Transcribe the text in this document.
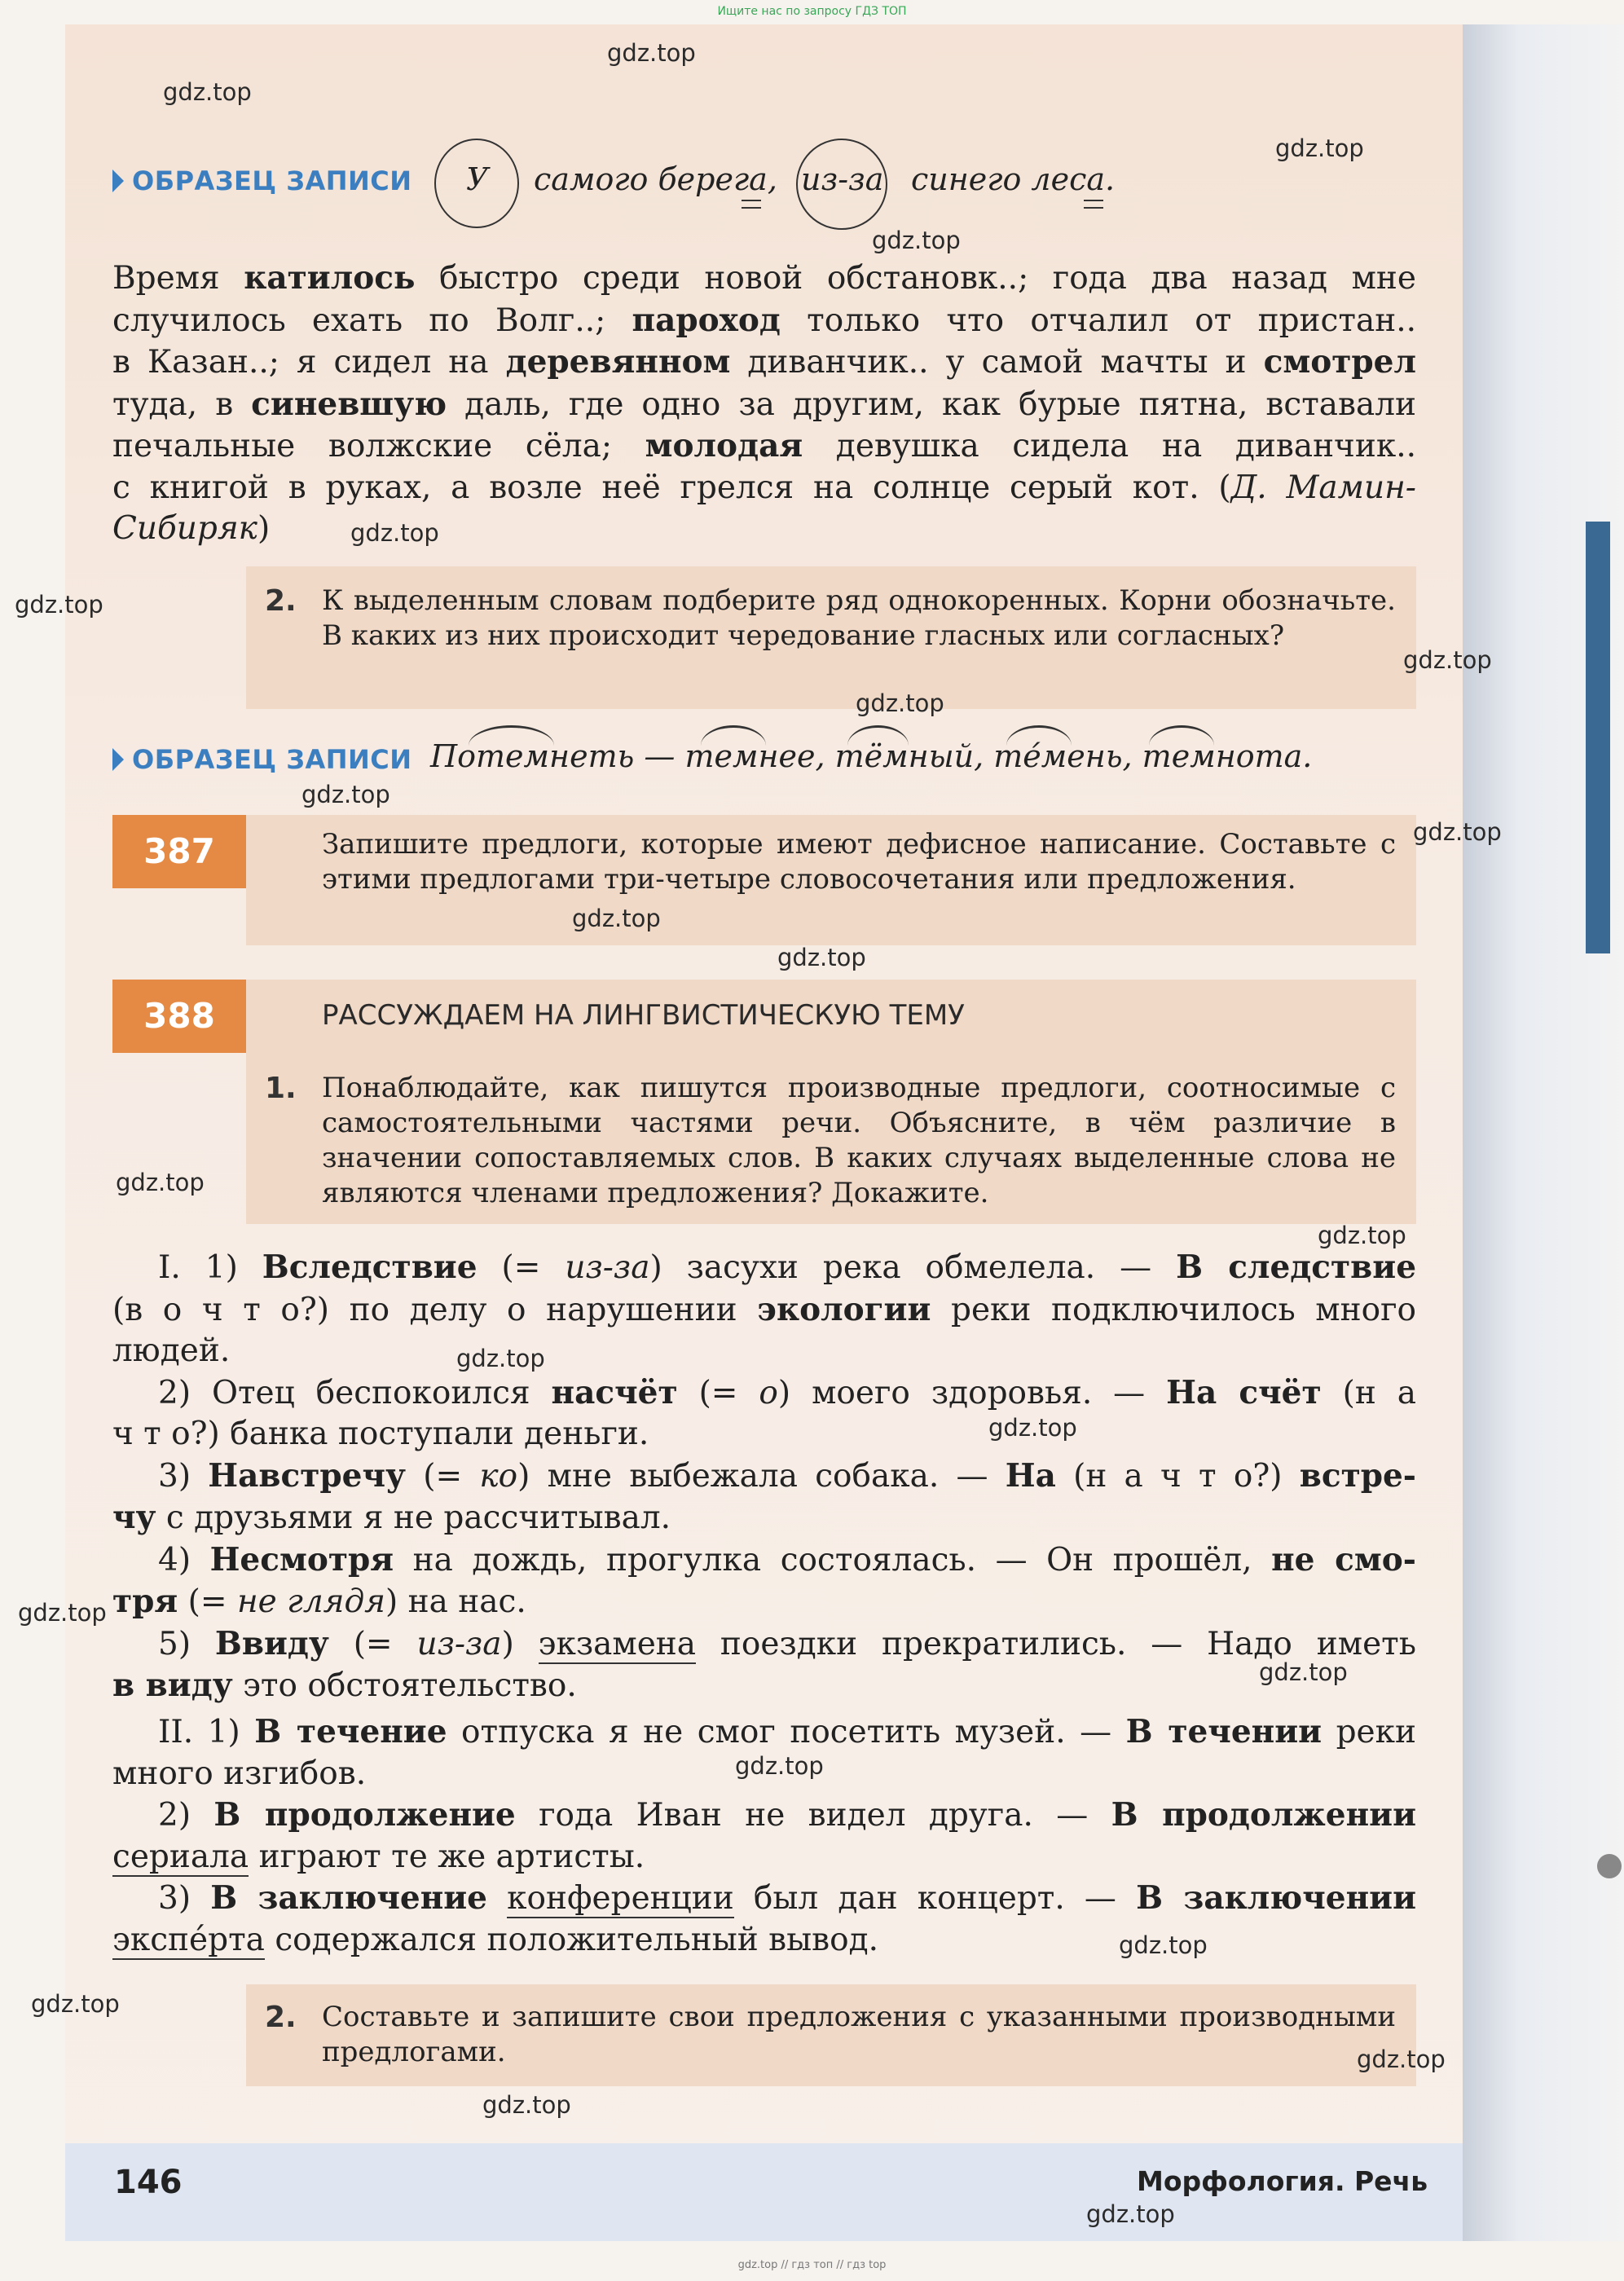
Ищите нас по запросу ГДЗ ТОП
gdz.top // гдз топ // гдз top
ОБРАЗЕЦ ЗАПИСИ У самого берега, из-за синего леса.
Время катилось быстро среди новой обстановк..; года два назад мне
случилось ехать по Волг..; пароход только что отчалил от пристан..
в Казан..; я сидел на деревянном диванчик.. у самой мачты и смотрел
туда, в синевшую даль, где одно за другим, как бурые пятна, вставали
печальные волжские сёла; молодая девушка сидела на диванчик..
с книгой в руках, а возле неё грелся на солнце серый кот. (Д. Мамин-
Сибиряк)
2. К выделенным словам подберите ряд однокоренных. Корни обозначьте. В каких из них происходит чередование гласных или согласных?

ОБРАЗЕЦ ЗАПИСИ Потемнеть — темнее, тёмный, те́мень, темнота.
387	Запишите предлоги, которые имеют дефисное написание. Составьте с этими предлогами три-четыре словосочетания или предложения.

388	РАССУЖДАЕМ НА ЛИНГВИСТИЧЕСКУЮ ТЕМУ
1. Понаблюдайте, как пишутся производные предлоги, соотносимые с самостоятельными частями речи. Объясните, в чём различие в значении сопоставляемых слов. В каких случаях выделенные слова не являются членами предложения? Докажите.

I. 1) Вследствие (= из-за) засухи река обмелела. — В следствие
(в о ч т о?) по делу о нарушении экологии реки подключилось много
людей.
2) Отец беспокоился насчёт (= о) моего здоровья. — На счёт (н а
ч т о?) банка поступали деньги.
3) Навстречу (= ко) мне выбежала собака. — На (н а ч т о?) встре-
чу с друзьями я не рассчитывал.
4) Несмотря на дождь, прогулка состоялась. — Он прошёл, не смо-
тря (= не глядя) на нас.
5) Ввиду (= из-за) экзамена поездки прекратились. — Надо иметь
в виду это обстоятельство.
II. 1) В течение отпуска я не смог посетить музей. — В течении реки
много изгибов.
2) В продолжение года Иван не видел друга. — В продолжении
сериала играют те же артисты.
3) В заключение конференции был дан концерт. — В заключении
экспе́рта содержался положительный вывод.
2. Составьте и запишите свои предложения с указанными производными предлогами.

146	Морфология. Речь
gdz.top
gdz.top
gdz.top
gdz.top
gdz.top
gdz.top
gdz.top
gdz.top
gdz.top
gdz.top
gdz.top
gdz.top
gdz.top
gdz.top
gdz.top
gdz.top
gdz.top
gdz.top
gdz.top
gdz.top
gdz.top
gdz.top
gdz.top
gdz.top
